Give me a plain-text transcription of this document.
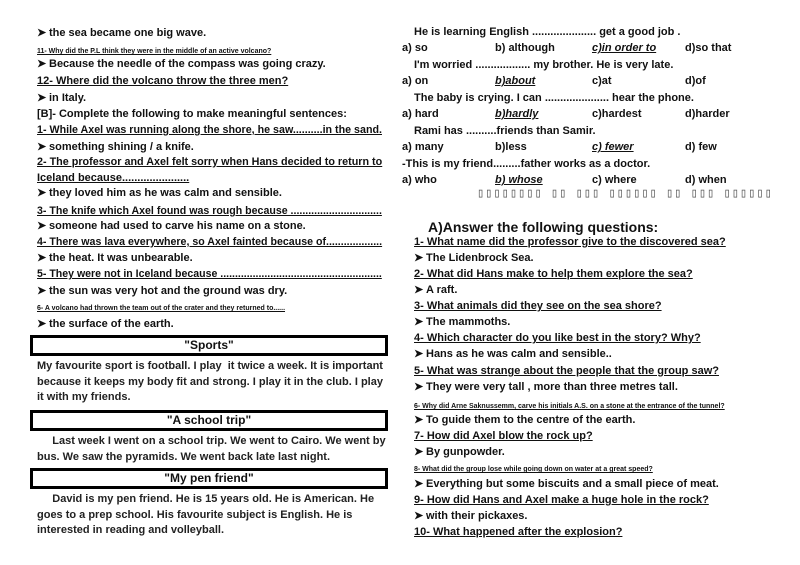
➤ the sea became one big wave.
11- Why did the P.L think they were in the middle of an active volcano?
➤ Because the needle of the compass was going crazy.
12- Where did the volcano throw the three men?
➤ in Italy.
[B]- Complete the following to make meaningful sentences:
1- While Axel was running along the shore, he saw..........in the sand.
➤ something shining / a knife.
2- The professor and Axel felt sorry when Hans decided to return to
Iceland because......................
➤ they loved him as he was calm and sensible.
3- The knife which Axel found was rough because ...............................
➤ someone had used to carve his name on a stone.
4- There was lava everywhere, so Axel fainted because of...................
➤ the heat. It was unbearable.
5- They were not in Iceland because .......................................................
➤ the sun was very hot and the ground was dry.
6- A volcano had thrown the team out of the crater and they returned to......
➤ the surface of the earth.
"Sports"
My favourite sport is football. I play  it twice a week. It is important because it keeps my body fit and strong. I play it in the club. I play it with my friends.
"A school trip"
Last week I went on a school trip. We went to Cairo. We went by bus. We saw the pyramids. We went back late last night.
"My pen friend"
David is my pen friend. He is 15 years old. He is American. He goes to a prep school. His favourite subject is English. He is interested in reading and volleyball.
He is learning English ..................... get a good job .
a) so	b) although	c)in order to	d)so that
I'm worried .................. my brother. He is very late.
a) on	b)about	c)at	d)of
The baby is crying. I can ..................... hear the phone.
a) hard	b)hardly	c)hardest	d)harder
Rami has ..........friends than Samir.
a) many	b)less	c) fewer	d) few
-This is my friend.........father works as a doctor.
a) who	b) whose	c) where	d) when
▯▯▯▯▯▯▯▯ ▯▯ ▯▯▯ ▯▯▯▯▯▯ ▯▯ ▯▯▯ ▯▯▯▯▯▯
A)Answer the following questions:
1- What name did the professor give to the discovered sea?
➤ The Lidenbrock Sea.
2- What did Hans make to help them explore the sea?
➤ A raft.
3- What animals did they see on the sea shore?
➤ The mammoths.
4- Which character do you like best in the story? Why?
➤ Hans as he was calm and sensible..
5- What was strange about the people that the group saw?
➤ They were very tall , more than three metres tall.
6- Why did Arne Saknussemm, carve his initials A.S. on a stone at the entrance of the tunnel?
➤ To guide them to the centre of the earth.
7- How did Axel blow the rock up?
➤ By gunpowder.
8- What did the group lose while going down on water at a great speed?
➤ Everything but some biscuits and a small piece of meat.
9- How did Hans and Axel make a huge hole in the rock?
➤ with their pickaxes.
10- What happened after the explosion?
